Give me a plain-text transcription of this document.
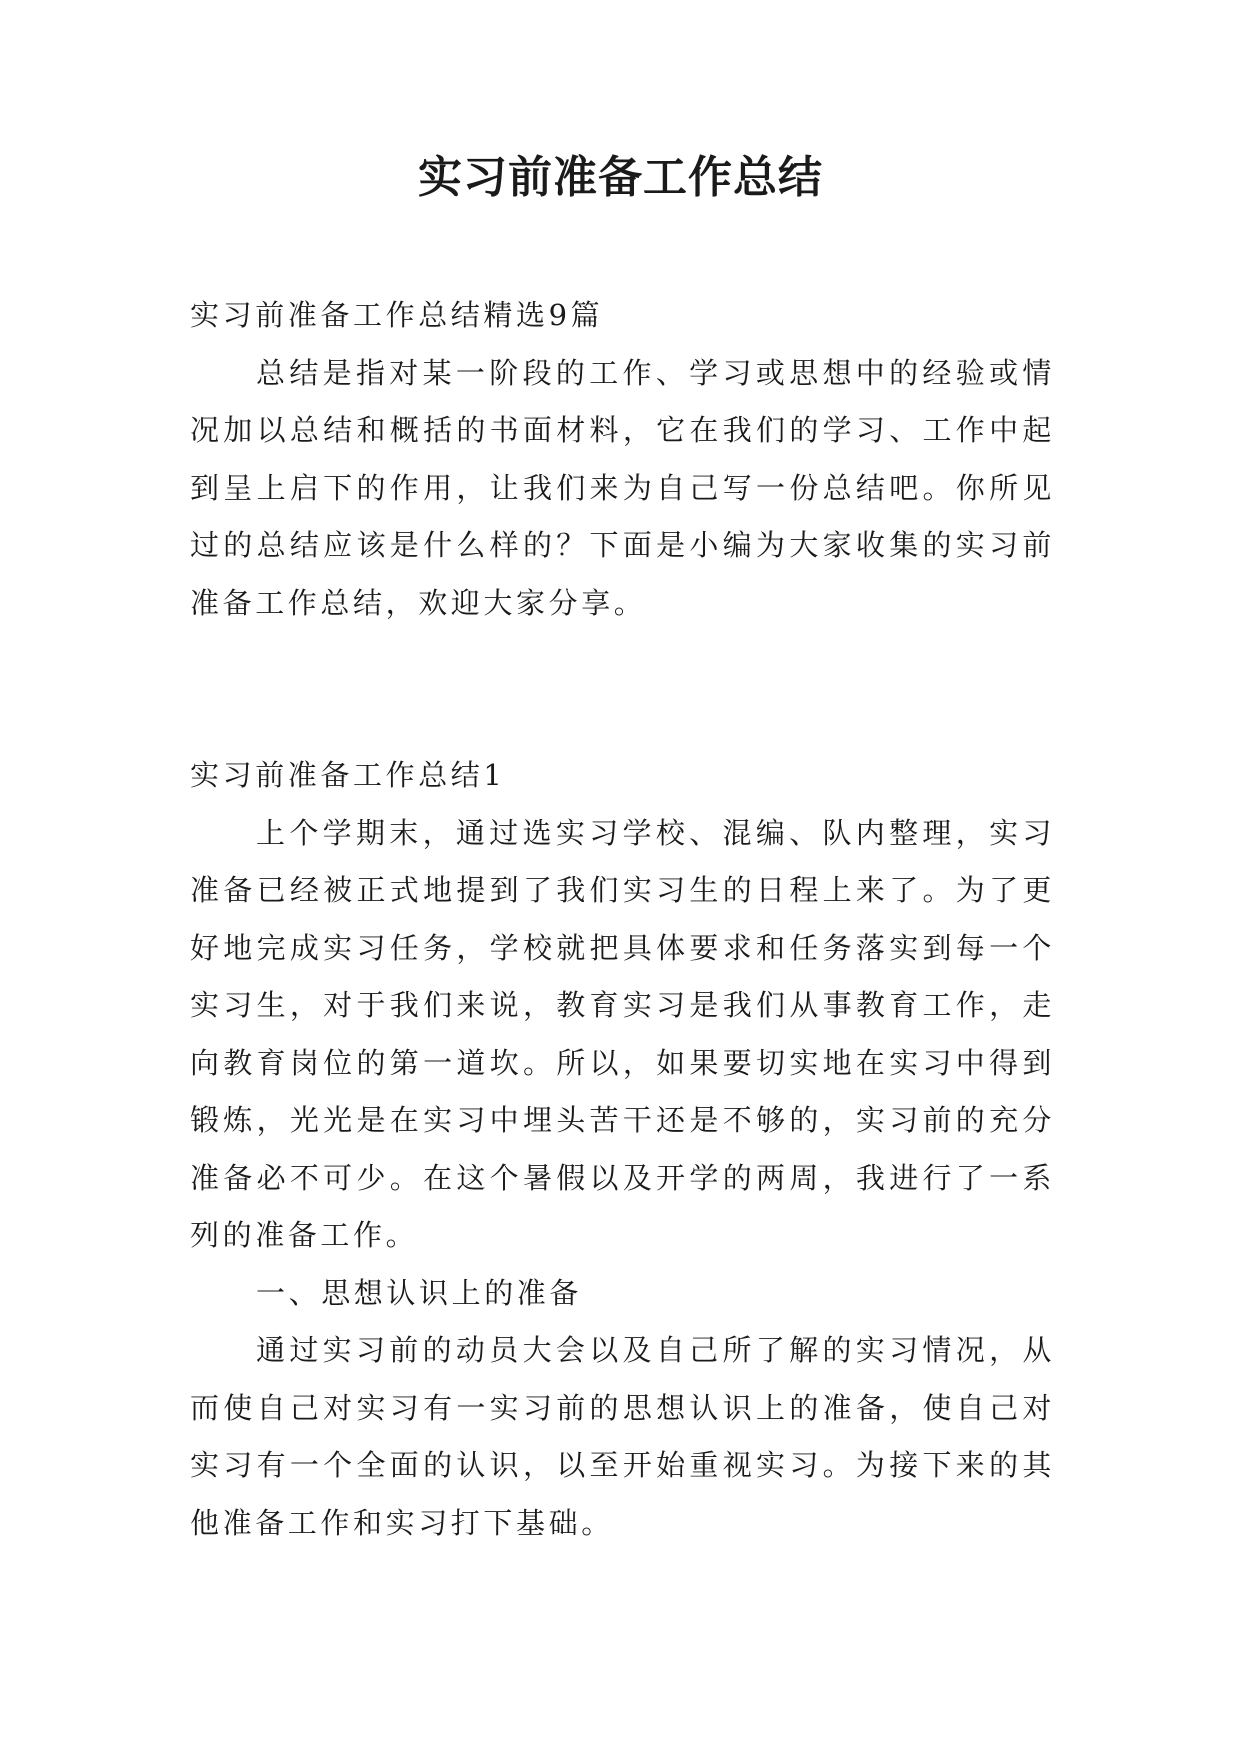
实习前准备工作总结

实习前准备工作总结精选9篇

总结是指对某一阶段的工作、学习或思想中的经验或情况加以总结和概括的书面材料，它在我们的学习、工作中起到呈上启下的作用，让我们来为自己写一份总结吧。你所见过的总结应该是什么样的？下面是小编为大家收集的实习前准备工作总结，欢迎大家分享。

实习前准备工作总结1

上个学期末，通过选实习学校、混编、队内整理，实习准备已经被正式地提到了我们实习生的日程上来了。为了更好地完成实习任务，学校就把具体要求和任务落实到每一个实习生，对于我们来说，教育实习是我们从事教育工作，走向教育岗位的第一道坎。所以，如果要切实地在实习中得到锻炼，光光是在实习中埋头苦干还是不够的，实习前的充分准备必不可少。在这个暑假以及开学的两周，我进行了一系列的准备工作。

一、思想认识上的准备

通过实习前的动员大会以及自己所了解的实习情况，从而使自己对实习有一实习前的思想认识上的准备，使自己对实习有一个全面的认识，以至开始重视实习。为接下来的其他准备工作和实习打下基础。
